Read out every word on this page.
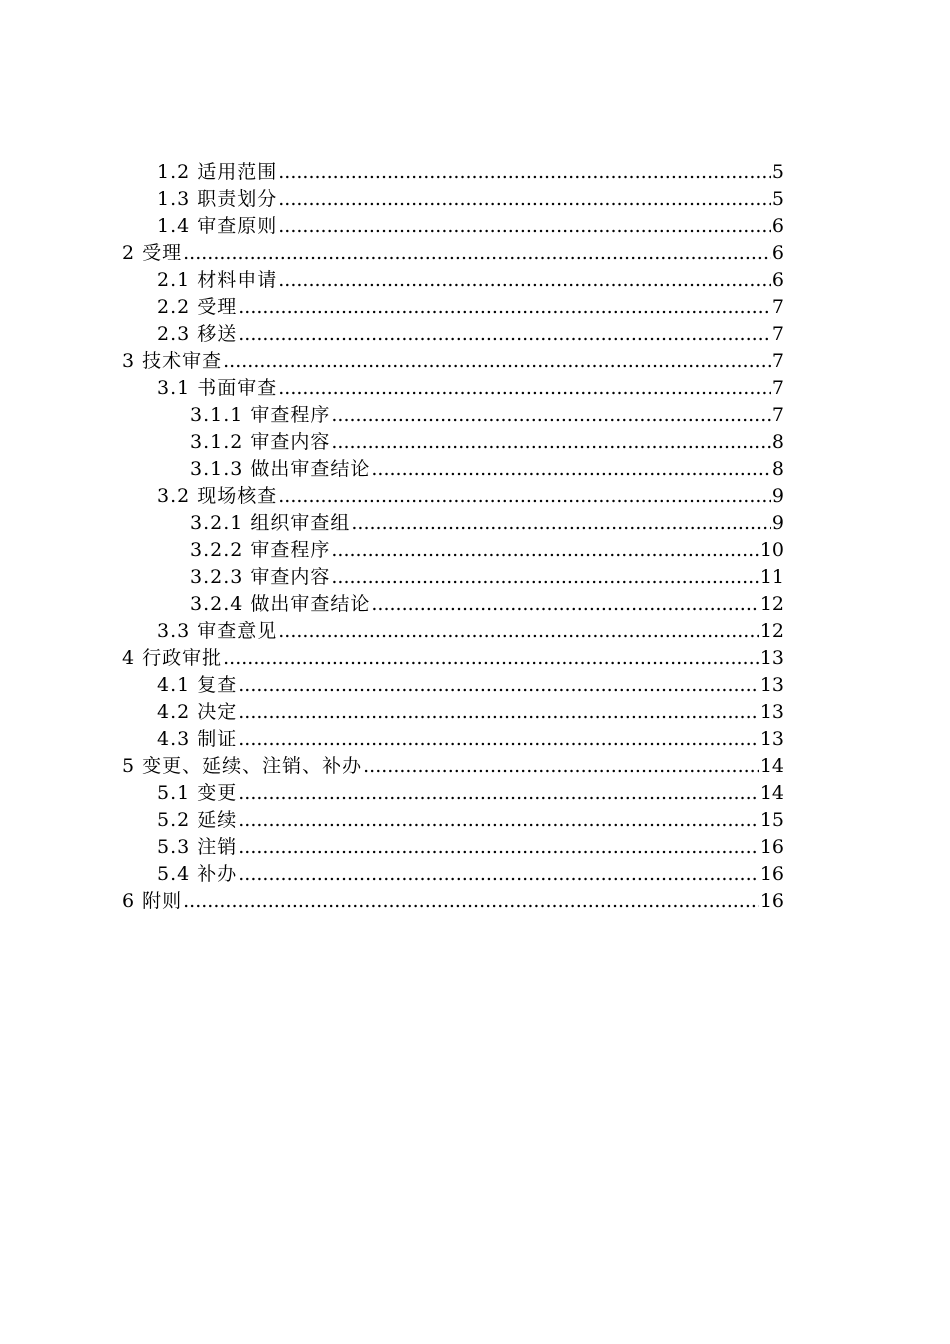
1.2 适用范围 .....	5
1.3 职责划分 .....	5
1.4 审查原则 .....	6
2 受理 .....	6
2.1 材料申请 .....	6
2.2 受理 .....	7
2.3 移送 .....	7
3 技术审查 .....	7
3.1 书面审查 .....	7
3.1.1 审查程序 .....	7
3.1.2 审查内容 .....	8
3.1.3 做出审查结论 .....	8
3.2 现场核查 .....	9
3.2.1 组织审查组 .....	9
3.2.2 审查程序 .....	10
3.2.3 审查内容 .....	11
3.2.4 做出审查结论 .....	12
3.3 审查意见 .....	12
4 行政审批 .....	13
4.1 复查 .....	13
4.2 决定 .....	13
4.3 制证 .....	13
5 变更、延续、注销、补办 .....	14
5.1 变更 .....	14
5.2 延续 .....	15
5.3 注销 .....	16
5.4 补办 .....	16
6 附则 .....	16
